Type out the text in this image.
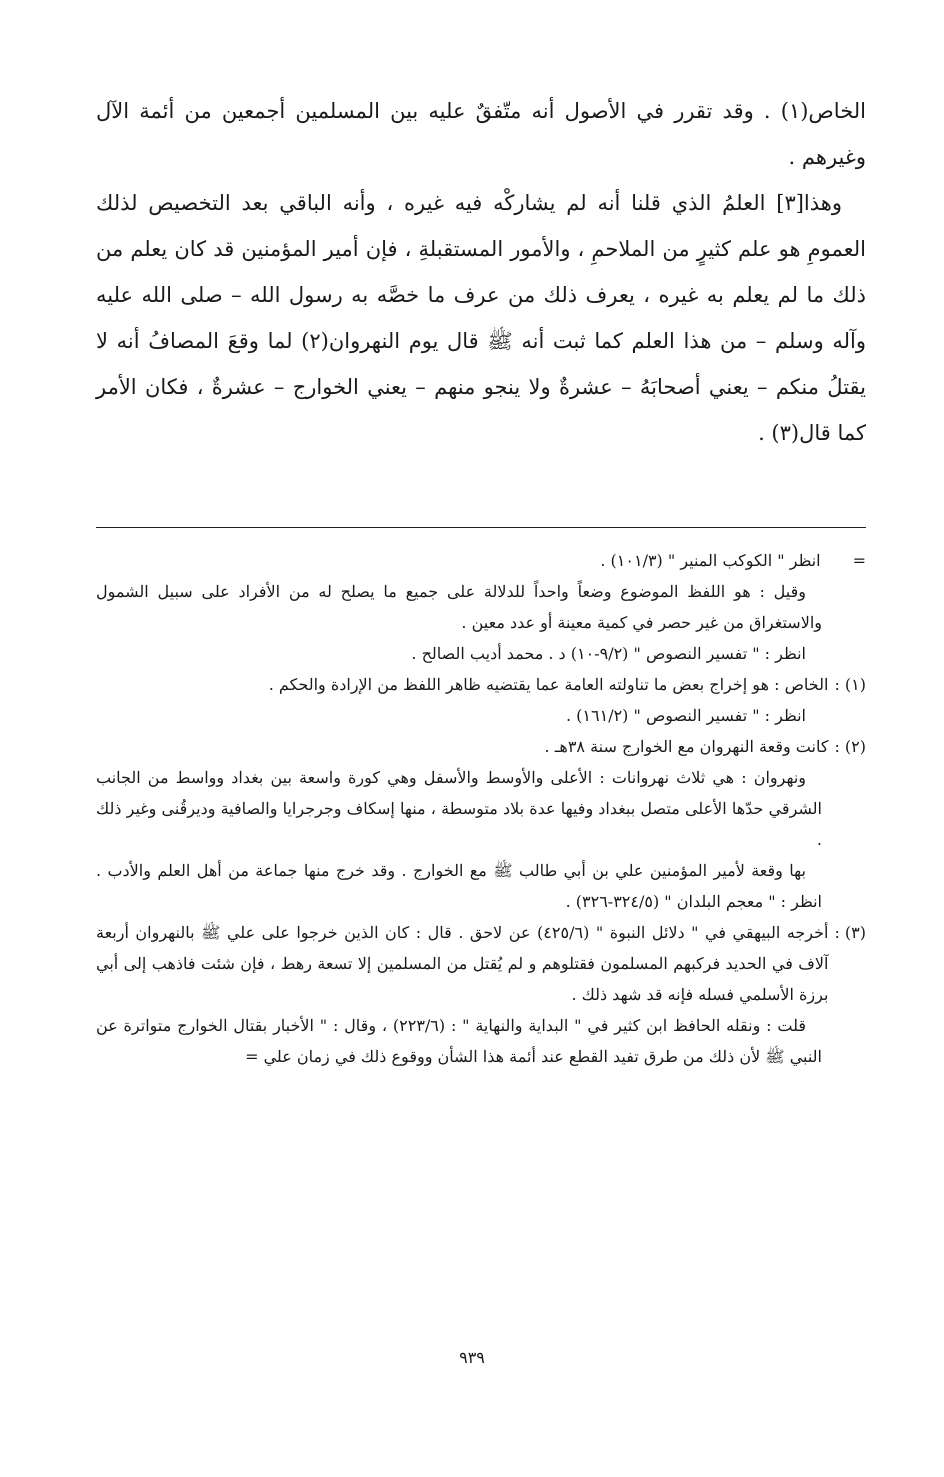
الخاص(١) . وقد تقرر في الأصول أنه متّفقٌ عليه بين المسلمين أجمعين من أئمة الآل وغيرهم .

وهذا[٣] العلمُ الذي قلنا أنه لم يشاركْه فيه غيره ، وأنه الباقي بعد التخصيص لذلك العمومِ هو علم كثيرٍ من الملاحمِ ، والأمور المستقبلةِ ، فإن أمير المؤمنين قد كان يعلم من ذلك ما لم يعلم به غيره ، يعرف ذلك من عرف ما خصَّه به رسول الله – صلى الله عليه وآله وسلم – من هذا العلم كما ثبت أنه ﷺ قال يوم النهروان(٢) لما وقعَ المصافُ أنه لا يقتلُ منكم – يعني أصحابَهُ – عشرةٌ ولا ينجو منهم – يعني الخوارج – عشرةٌ ، فكان الأمر كما قال(٣) .

=
انظر " الكوكب المنير " (١٠١/٣) .

وقيل : هو اللفظ الموضوع وضعاً واحداً للدلالة على جميع ما يصلح له من الأفراد على سبيل الشمول والاستغراق من غير حصر في كمية معينة أو عدد معين .

انظر : " تفسير النصوص " (٩/٢-١٠) د . محمد أديب الصالح .

(١) :
الخاص : هو إخراج بعض ما تناولته العامة عما يقتضيه ظاهر اللفظ من الإرادة والحكم .

انظر : " تفسير النصوص " (١٦١/٢) .

(٢) :
كانت وقعة النهروان مع الخوارج سنة ٣٨هـ .

ونهروان : هي ثلاث نهروانات : الأعلى والأوسط والأسفل وهي كورة واسعة بين بغداد وواسط من الجانب الشرقي حدّها الأعلى متصل ببغداد وفيها عدة بلاد متوسطة ، منها إسكاف وجرجرايا والصافية وديرقُنى وغير ذلك .

بها وقعة لأمير المؤمنين علي بن أبي طالب ﷺ مع الخوارج . وقد خرج منها جماعة من أهل العلم والأدب . انظر : " معجم البلدان " (٣٢٤/٥-٣٢٦) .

(٣) :
أخرجه البيهقي في " دلائل النبوة " (٤٢٥/٦) عن لاحق . قال : كان الذين خرجوا على علي ﷺ بالنهروان أربعة آلاف في الحديد فركبهم المسلمون فقتلوهم و لم يُقتل من المسلمين إلا تسعة رهط ، فإن شئت فاذهب إلى أبي برزة الأسلمي فسله فإنه قد شهد ذلك .

قلت : ونقله الحافظ ابن كثير في " البداية والنهاية " : (٢٢٣/٦) ، وقال : " الأخبار بقتال الخوارج متواترة عن النبي ﷺ لأن ذلك من طرق تفيد القطع عند أئمة هذا الشأن ووقوع ذلك في زمان علي =

٩٣٩
